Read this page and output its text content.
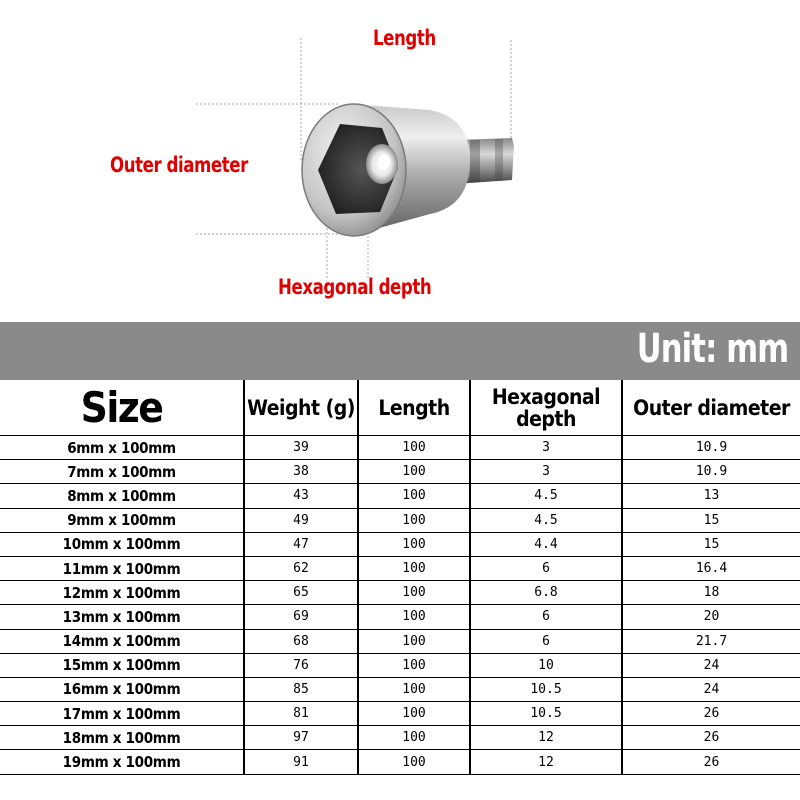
Length
Outer diameter
Hexagonal depth
Unit: mm
Size	Weight (g)	Length	Hexagonal depth	Outer diameter
6mm x 100mm	39	100	3	10.9
7mm x 100mm	38	100	3	10.9
8mm x 100mm	43	100	4.5	13
9mm x 100mm	49	100	4.5	15
10mm x 100mm	47	100	4.4	15
11mm x 100mm	62	100	6	16.4
12mm x 100mm	65	100	6.8	18
13mm x 100mm	69	100	6	20
14mm x 100mm	68	100	6	21.7
15mm x 100mm	76	100	10	24
16mm x 100mm	85	100	10.5	24
17mm x 100mm	81	100	10.5	26
18mm x 100mm	97	100	12	26
19mm x 100mm	91	100	12	26
